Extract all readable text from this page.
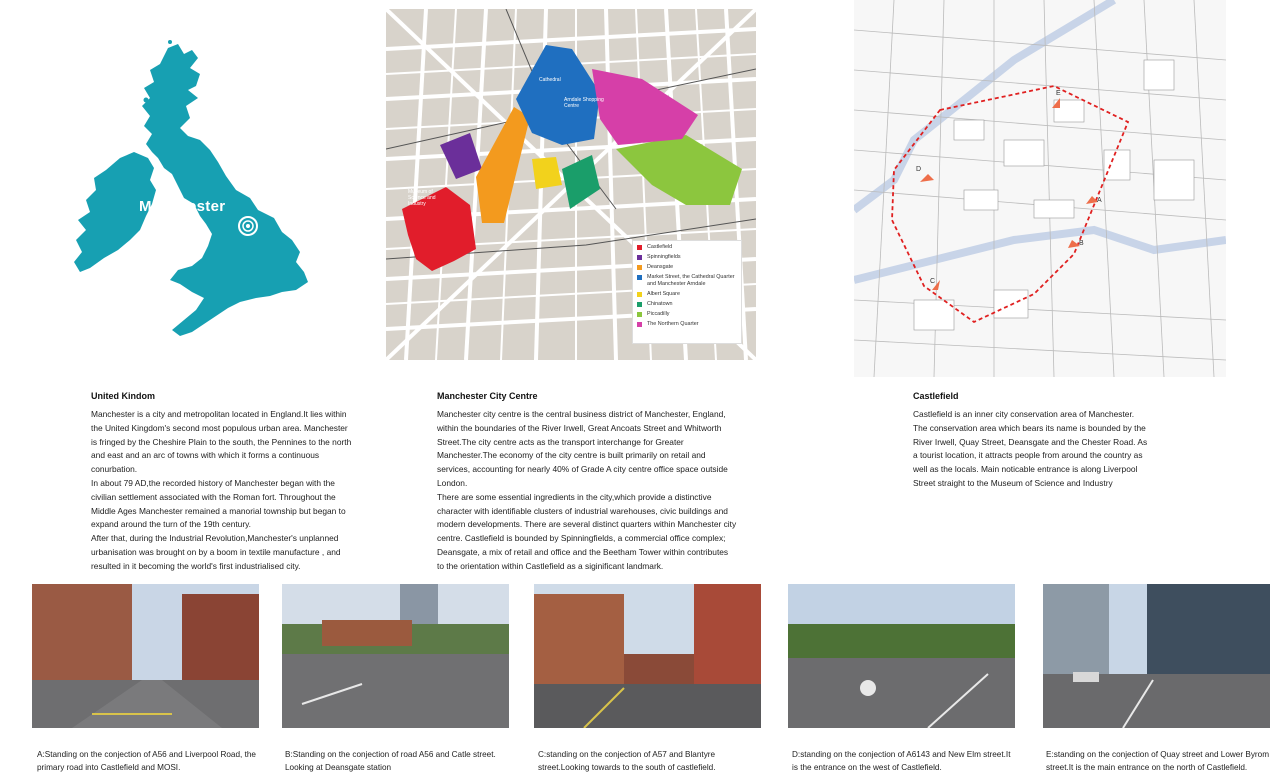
Manchester
Museum of Science and Industry
Arndale Shopping Centre
Cathedral
Castlefield
Spinningfields
Deansgate
Market Street, the Cathedral Quarter and Manchester Arndale
Albert Square
Chinatown
Piccadilly
The Northern Quarter
A
B
C
D
E
United Kindom

Manchester is a city and metropolitan located in England.It lies within the United Kingdom's second most populous urban area. Manchester is fringed by the Cheshire Plain to the south, the Pennines to the north and east and an arc of towns with which it forms a continuous conurbation.

In about 79 AD,the recorded history of Manchester began with the civilian settlement associated with the Roman fort. Throughout the Middle Ages Manchester remained a manorial township but began to expand around the turn of the 19th century.

After that, during the Industrial Revolution,Manchester's unplanned urbanisation was brought on by a boom in textile manufacture , and resulted in it becoming the world's first industrialised city.

Manchester City Centre

Manchester city centre is the central business district of Manchester, England, within the boundaries of the River Irwell, Great Ancoats Street and Whitworth Street.The city centre acts as the transport interchange for Greater Manchester.The economy of the city centre is built primarily on retail and services, accounting for nearly 40% of Grade A city centre office space outside London.

There are some essential ingredients in the city,which provide a distinctive character with identifiable clusters of industrial warehouses, civic buildings and modern developments. There are several distinct quarters within Manchester city centre. Castlefield is bounded by Spinningfields, a commercial office complex; Deansgate, a mix of retail and office and the Beetham Tower within contributes to the orientation within Castlefield as a siginificant landmark.

Castlefield

Castlefield is an inner city conservation area of Manchester. The conservation area which bears its name is bounded by the River Irwell, Quay Street, Deansgate and the Chester Road. As a tourist location, it attracts people from around the country as well as the locals. Main noticable entrance is along Liverpool Street straight to the Museum of Science and Industry

A:Standing on the conjection of A56 and Liverpool Road, the primary road into Castlefield and MOSI.
B:Standing on the conjection of road A56 and Catle street. Looking at Deansgate station
C:standing on the conjection of A57 and Blantyre street.Looking towards to the south of castlefield.
D:standing on the conjection of A6143 and New Elm street.It is the entrance on the west of Castlefield.
E:standing on the conjection of Quay street and Lower Byrom street.It is the main entrance on the north of Castlefield.
